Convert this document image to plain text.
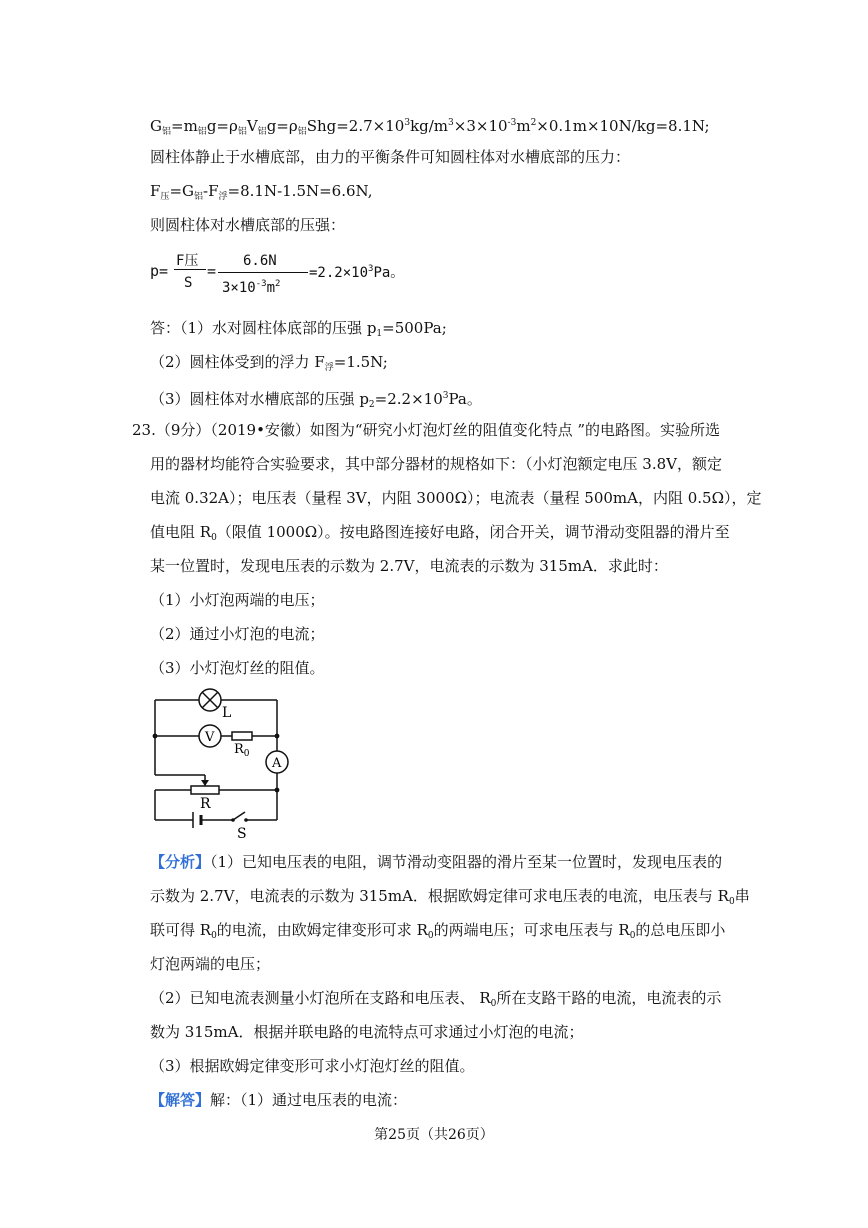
$G_铝=m_铝g=\rho_铝V_铝g=\rho_铝Shg=2.7\times 10^3kg/m^3\times 3\times 10^{-3}m^2\times 0.1m\times 10N/kg=8.1N$;
圆柱体静止于水槽底部，由力的平衡条件可知圆柱体对水槽底部的压力：
$F_压=G_铝-F_浮=8.1N-1.5N=6.6N$,
则圆柱体对水槽底部的压强：
p=
F压
S
=
6.6N
$3\times 10^{-3}m^2$
$=2.2\times 10^3Pa$。
答：（1）水对圆柱体底部的压强 $p_1=500Pa$;
（2）圆柱体受到的浮力 $F_浮=1.5N$;
（3）圆柱体对水槽底部的压强 $p_2=2.2\times 10^3Pa$。
23.（9分）（2019•安徽）如图为“研究小灯泡灯丝的阻值变化特点 ”的电路图。实验所选
用的器材均能符合实验要求，其中部分器材的规格如下：（小灯泡额定电压 3.8V，额定
电流 0.32A）；电压表（量程 3V，内阻 3000Ω）；电流表（量程 500mA，内阻 0.5Ω），定
值电阻 $R_0$（限值 1000Ω）。按电路图连接好电路，闭合开关，调节滑动变阻器的滑片至
某一位置时，发现电压表的示数为 2.7V，电流表的示数为 315mA．求此时：
（1）小灯泡两端的电压；
（2）通过小灯泡的电流；
（3）小灯泡灯丝的阻值。
L
V
$R_0$
A
R
S
【分析】（1）已知电压表的电阻，调节滑动变阻器的滑片至某一位置时，发现电压表的
示数为 2.7V，电流表的示数为 315mA．根据欧姆定律可求电压表的电流，电压表与 $R_0$串
联可得 $R_0$的电流，由欧姆定律变形可求 $R_0$的两端电压；可求电压表与 $R_0$的总电压即小
灯泡两端的电压；
（2）已知电流表测量小灯泡所在支路和电压表、 $R_0$所在支路干路的电流，电流表的示
数为 315mA．根据并联电路的电流特点可求通过小灯泡的电流；
（3）根据欧姆定律变形可求小灯泡灯丝的阻值。
【解答】解：（1）通过电压表的电流：
第25页（共26页）
